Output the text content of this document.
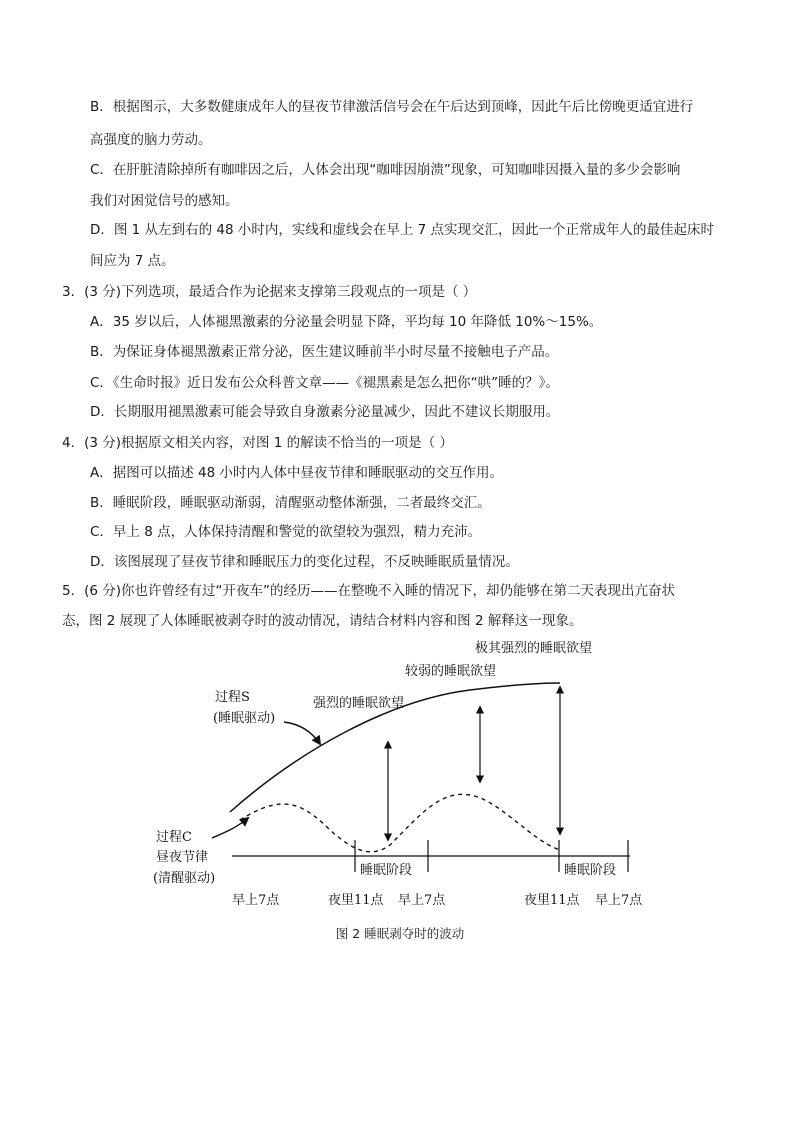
B．根据图示，大多数健康成年人的昼夜节律激活信号会在午后达到顶峰，因此午后比傍晚更适宜进行
高强度的脑力劳动。
C．在肝脏清除掉所有咖啡因之后，人体会出现“咖啡因崩溃”现象，可知咖啡因摄入量的多少会影响
我们对困觉信号的感知。
D．图 1 从左到右的 48 小时内，实线和虚线会在早上 7 点实现交汇，因此一个正常成年人的最佳起床时
间应为 7 点。
3．(3 分)下列选项，最适合作为论据来支撑第三段观点的一项是（ ）
A．35 岁以后，人体褪黑激素的分泌量会明显下降，平均每 10 年降低 10%～15%。
B．为保证身体褪黑激素正常分泌，医生建议睡前半小时尽量不接触电子产品。
C．《生命时报》近日发布公众科普文章——《褪黑素是怎么把你“哄”睡的？》。
D．长期服用褪黑激素可能会导致自身激素分泌量减少，因此不建议长期服用。
4．(3 分)根据原文相关内容，对图 1 的解读不恰当的一项是（ ）
A．据图可以描述 48 小时内人体中昼夜节律和睡眠驱动的交互作用。
B．睡眠阶段，睡眠驱动渐弱，清醒驱动整体渐强，二者最终交汇。
C．早上 8 点，人体保持清醒和警觉的欲望较为强烈，精力充沛。
D．该图展现了昼夜节律和睡眠压力的变化过程，不反映睡眠质量情况。
5．(6 分)你也许曾经有过“开夜车”的经历——在整晚不入睡的情况下，却仍能够在第二天表现出亢奋状
态，图 2 展现了人体睡眠被剥夺时的波动情况，请结合材料内容和图 2 解释这一现象。
极其强烈的睡眠欲望
较弱的睡眠欲望
强烈的睡眠欲望
过程S
(睡眠驱动)
过程C
昼夜节律
(清醒驱动)
睡眠阶段	睡眠阶段
早上7点	夜里11点 早上7点	夜里11点 早上7点
图 2 睡眠剥夺时的波动
